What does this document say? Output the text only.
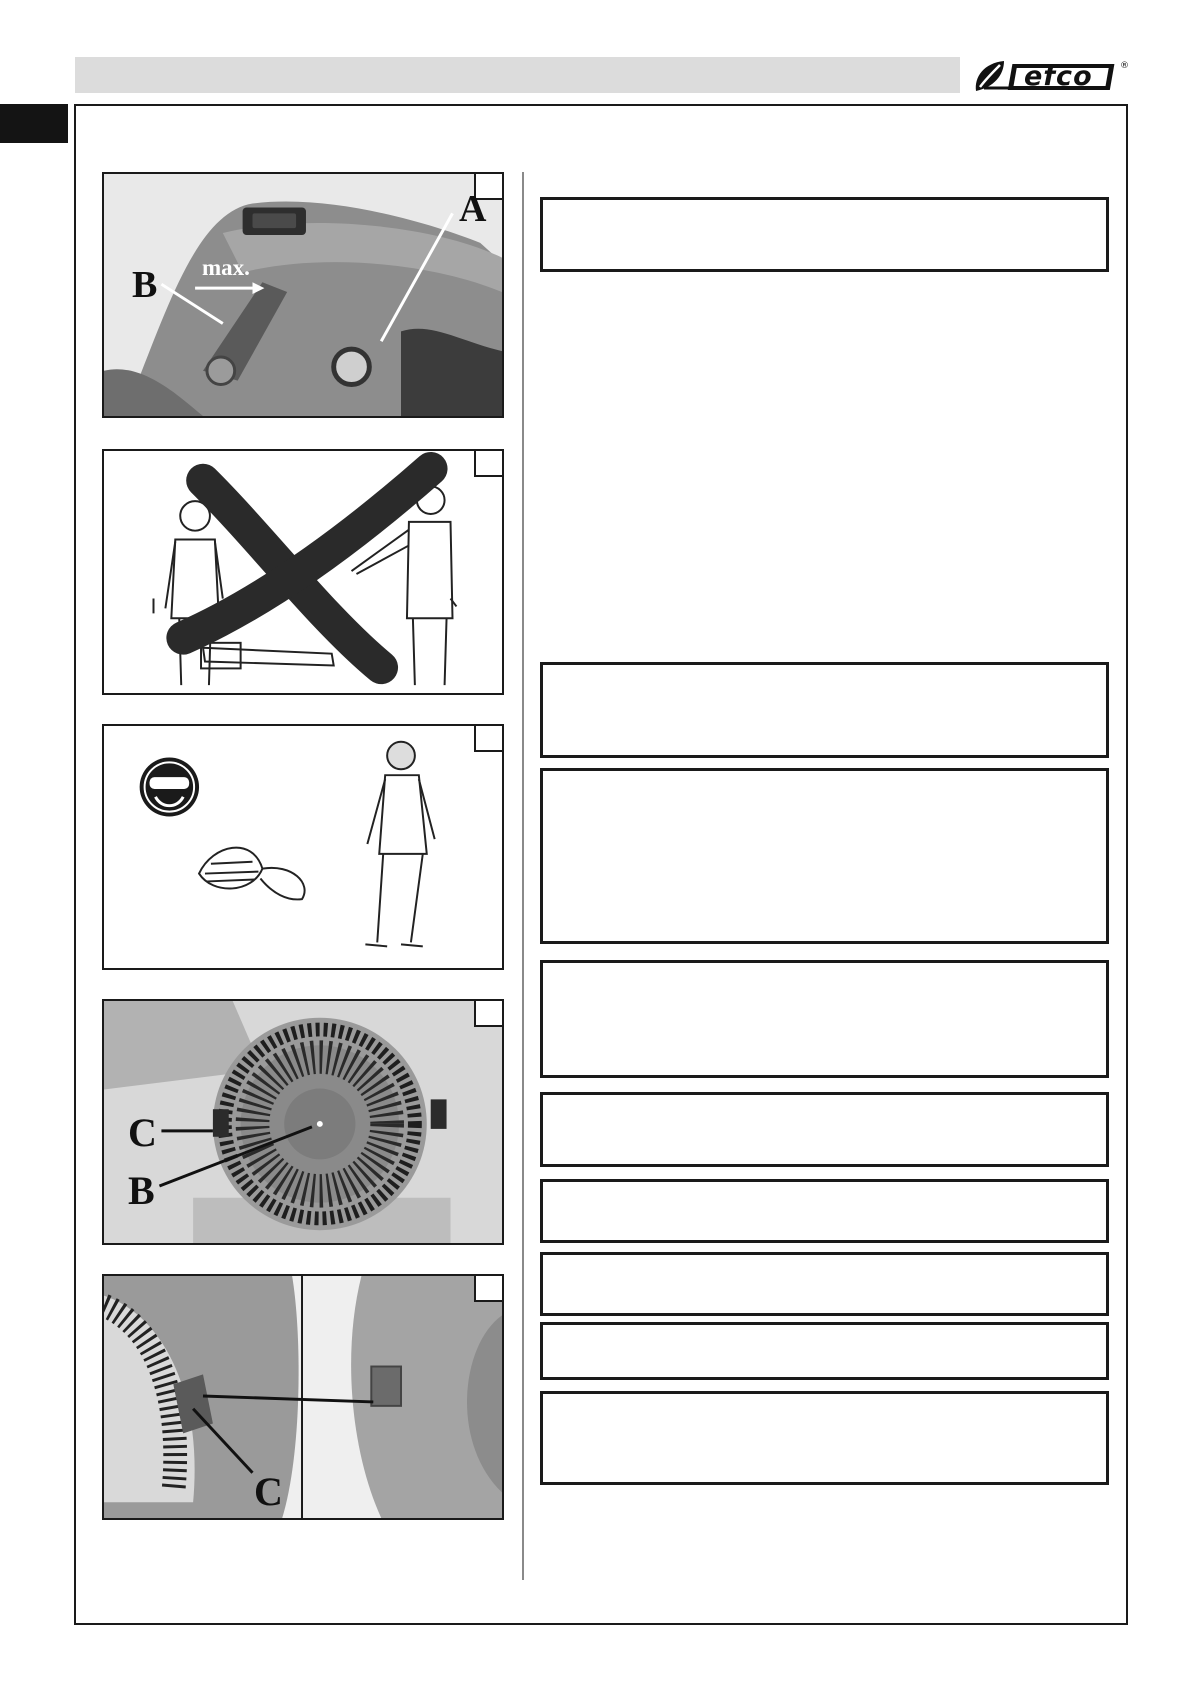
efco	®
A
B max.
C
B
C
